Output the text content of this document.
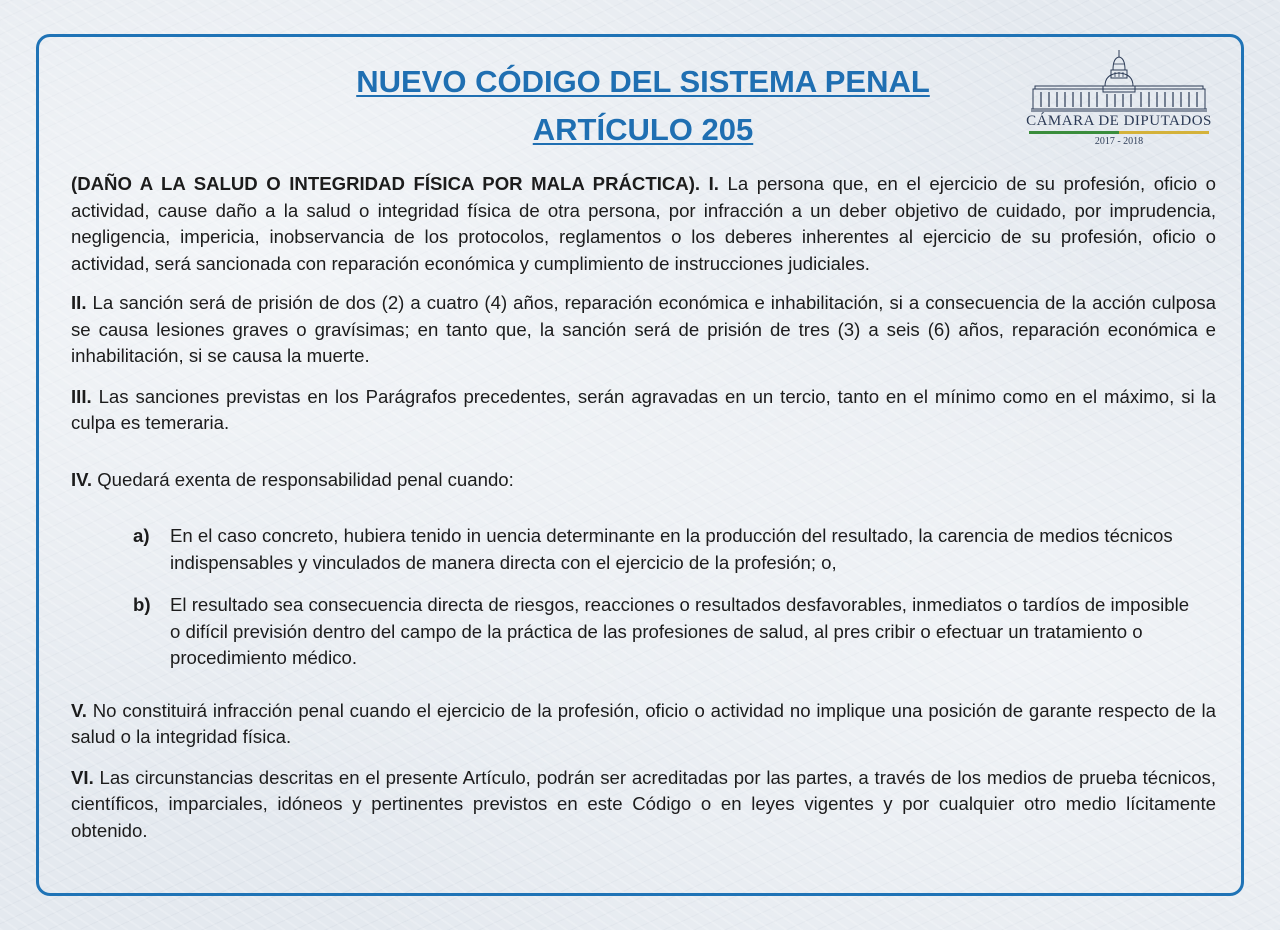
NUEVO CÓDIGO DEL SISTEMA PENAL
ARTÍCULO 205	CÁMARA DE DIPUTADOS
2017 - 2018

(DAÑO A LA SALUD O INTEGRIDAD FÍSICA POR MALA PRÁCTICA). I. La persona que, en el ejercicio de su profesión, oficio o actividad, cause daño a la salud o integridad física de otra persona, por infracción a un deber objetivo de cuidado, por imprudencia, negligencia, impericia, inobservancia de los protocolos, reglamentos o los deberes inherentes al ejercicio de su profesión, oficio o actividad, será sancionada con reparación económica y cumplimiento de instrucciones judiciales.

II. La sanción será de prisión de dos (2) a cuatro (4) años, reparación económica e inhabilitación, si a consecuencia de la acción culposa se causa lesiones graves o gravísimas; en tanto que, la sanción será de prisión de tres (3) a seis (6) años, reparación económica e inhabilitación, si se causa la muerte.

III. Las sanciones previstas en los Parágrafos precedentes, serán agravadas en un tercio, tanto en el mínimo como en el máximo, si la culpa es temeraria.

IV. Quedará exenta de responsabilidad penal cuando:

a) En el caso concreto, hubiera tenido in uencia determinante en la producción del resultado, la carencia de medios técnicos indispensables y vinculados de manera directa con el ejercicio de la profesión; o,

b) El resultado sea consecuencia directa de riesgos, reacciones o resultados desfavorables, inmediatos o tardíos de imposible o difícil previsión dentro del campo de la práctica de las profesiones de salud, al pres cribir o efectuar un tratamiento o procedimiento médico.

V. No constituirá infracción penal cuando el ejercicio de la profesión, oficio o actividad no implique una posición de garante respecto de la salud o la integridad física.

VI. Las circunstancias descritas en el presente Artículo, podrán ser acreditadas por las partes, a través de los medios de prueba técnicos, científicos, imparciales, idóneos y pertinentes previstos en este Código o en leyes vigentes y por cualquier otro medio lícitamente obtenido.
